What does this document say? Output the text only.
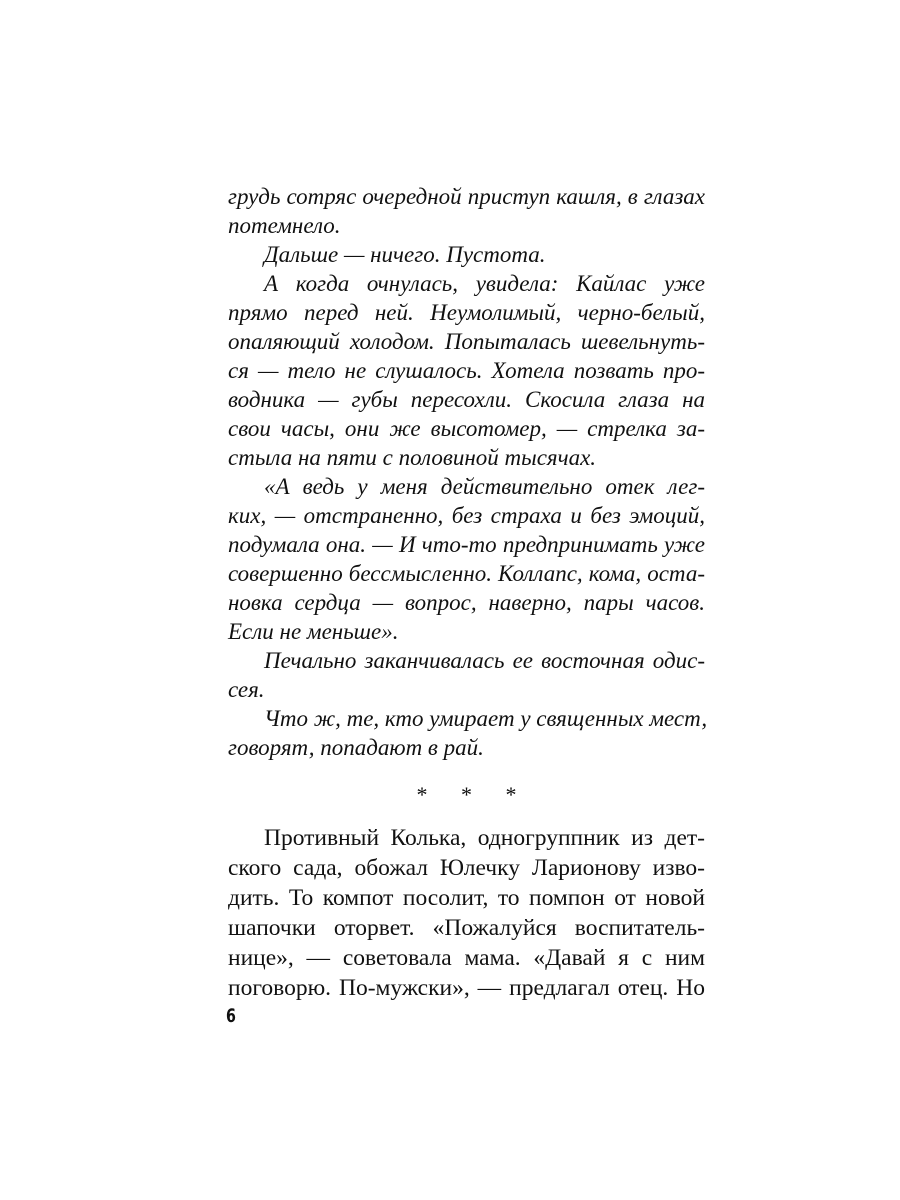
грудь сотряс очередной приступ кашля, в глазах
потемнело.
Дальше — ничего. Пустота.
А когда очнулась, увидела: Кайлас уже
прямо перед ней. Неумолимый, черно-белый,
опаляющий холодом. Попыталась шевельнуть-
ся — тело не слушалось. Хотела позвать про-
водника — губы пересохли. Скосила глаза на
свои часы, они же высотомер, — стрелка за-
стыла на пяти с половиной тысячах.
«А ведь у меня действительно отек лег-
ких, — отстраненно, без страха и без эмоций,
подумала она. — И что-то предпринимать уже
совершенно бессмысленно. Коллапс, кома, оста-
новка сердца — вопрос, наверно, пары часов.
Если не меньше».
Печально заканчивалась ее восточная одис-
сея.
Что ж, те, кто умирает у священных мест,
говорят, попадают в рай.
* * *
Противный Колька, одногруппник из дет-
ского сада, обожал Юлечку Ларионову изво-
дить. То компот посолит, то помпон от новой
шапочки оторвет. «Пожалуйся воспитатель-
нице», — советовала мама. «Давай я с ним
поговорю. По-мужски», — предлагал отец. Но
6
